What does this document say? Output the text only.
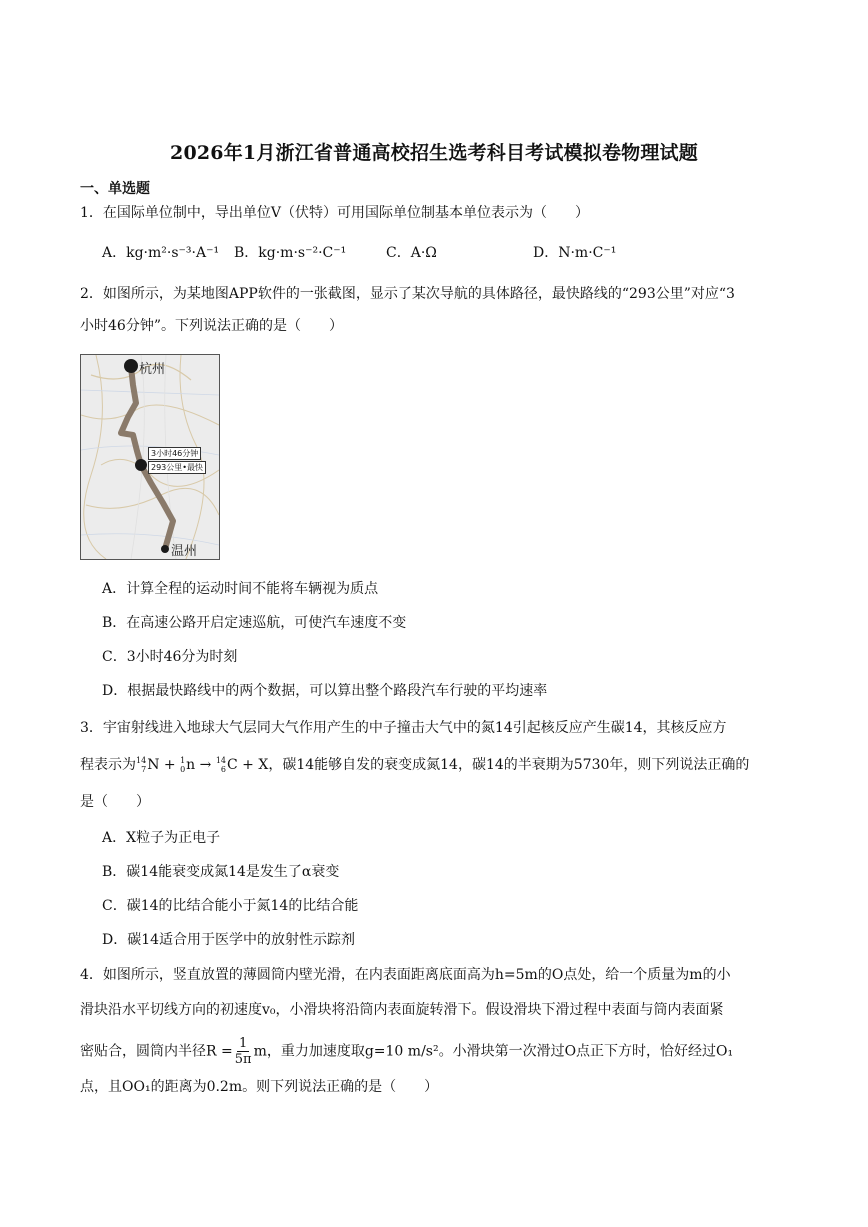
2026年1月浙江省普通高校招生选考科目考试模拟卷物理试题
一、单选题
1．在国际单位制中，导出单位V（伏特）可用国际单位制基本单位表示为（　　）
A．kg·m²·s⁻³·A⁻¹ B．kg·m·s⁻²·C⁻¹	C．A·Ω	D．N·m·C⁻¹
2．如图所示，为某地图APP软件的一张截图，显示了某次导航的具体路径，最快路线的“293公里”对应“3
小时46分钟”。下列说法正确的是（　　）
杭州
温州
3小时46分钟
293公里•最快
A．计算全程的运动时间不能将车辆视为质点
B．在高速公路开启定速巡航，可使汽车速度不变
C．3小时46分为时刻
D．根据最快路线中的两个数据，可以算出整个路段汽车行驶的平均速率
3．宇宙射线进入地球大气层同大气作用产生的中子撞击大气中的氮14引起核反应产生碳14，其核反应方
程表示为 14
7 N + 1
0 n → 14
6 C + X，碳14能够自发的衰变成氮14，碳14的半衰期为5730年，则下列说法正确的
是（　　）
A．X粒子为正电子
B．碳14能衰变成氮14是发生了α衰变
C．碳14的比结合能小于氮14的比结合能
D．碳14适合用于医学中的放射性示踪剂
4．如图所示，竖直放置的薄圆筒内壁光滑，在内表面距离底面高为h=5m的O点处，给一个质量为m的小
滑块沿水平切线方向的初速度v₀，小滑块将沿筒内表面旋转滑下。假设滑块下滑过程中表面与筒内表面紧
密贴合，圆筒内半径$R = \frac{1}{5\pi}$ m，重力加速度取g=10 m/s²。小滑块第一次滑过O点正下方时，恰好经过O₁
点，且OO₁的距离为0.2m。则下列说法正确的是（　　）
